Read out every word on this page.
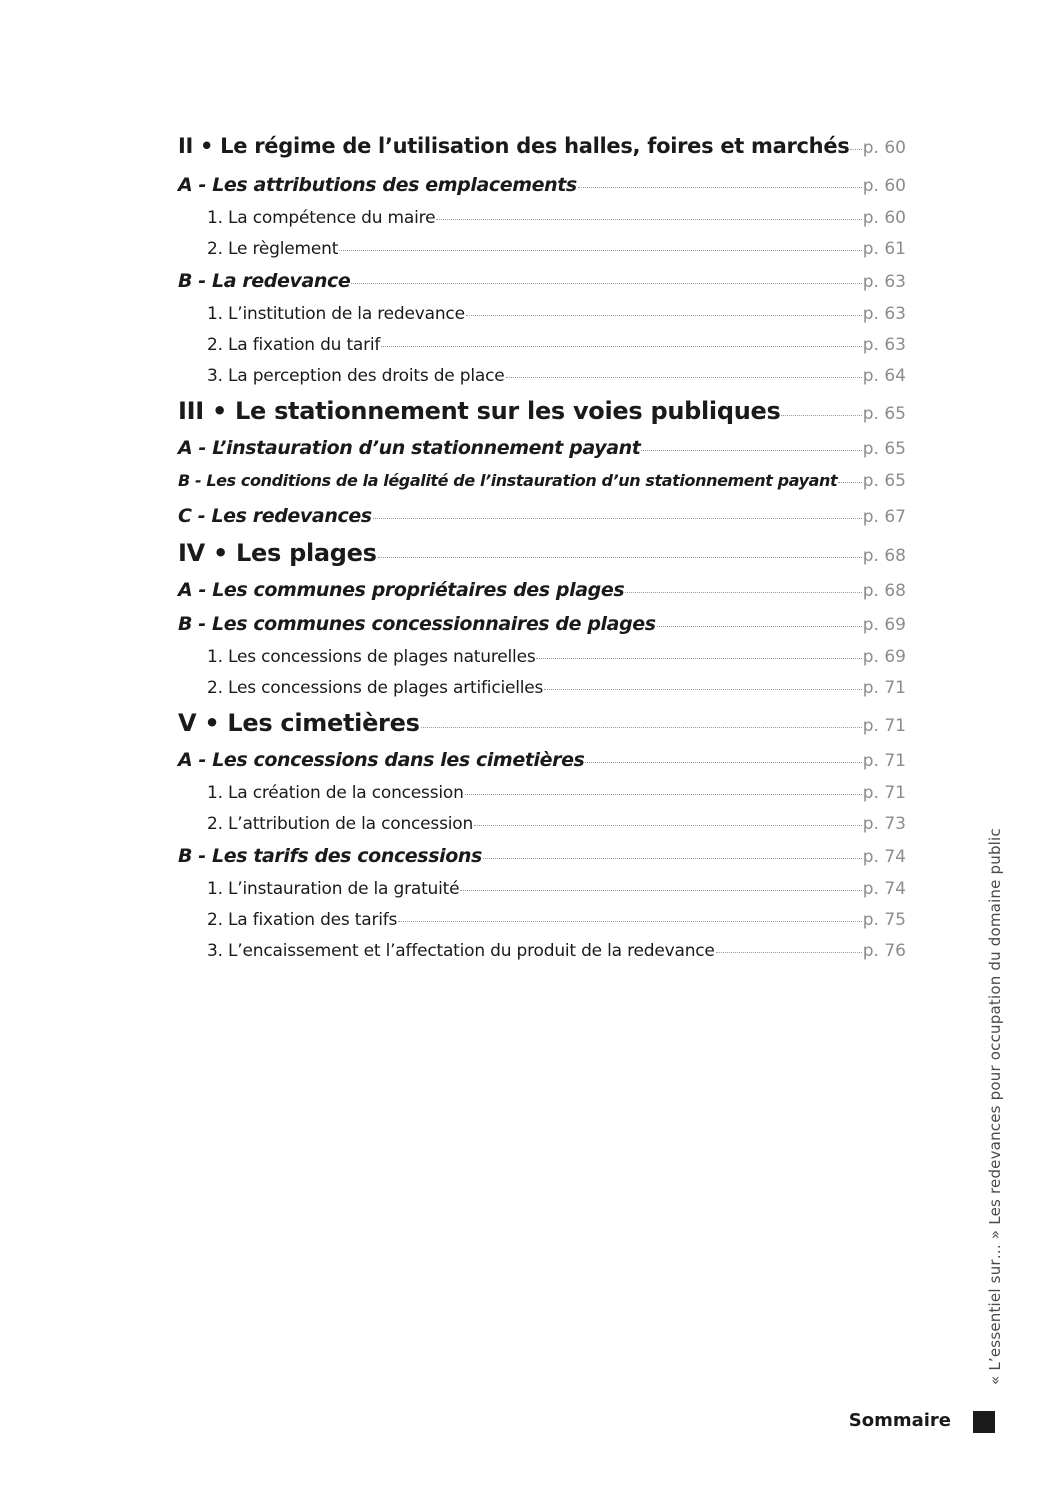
II • Le régime de l’utilisation des halles, foires et marchés p. 60
A - Les attributions des emplacements	p. 60
1. La compétence du maire	p. 60
2. Le règlement	p. 61
B - La redevance	p. 63
1. L’institution de la redevance	p. 63
2. La fixation du tarif	p. 63
3. La perception des droits de place	p. 64
III • Le stationnement sur les voies publiques	p. 65
A - L’instauration d’un stationnement payant	p. 65
B - Les conditions de la légalité de l’instauration d’un stationnement payant p. 65
C - Les redevances	p. 67
IV • Les plages	p. 68
A - Les communes propriétaires des plages	p. 68
B - Les communes concessionnaires de plages	p. 69
1. Les concessions de plages naturelles	p. 69
2. Les concessions de plages artificielles	p. 71
V • Les cimetières	p. 71
A - Les concessions dans les cimetières	p. 71
1. La création de la concession	p. 71
2. L’attribution de la concession	p. 73
B - Les tarifs des concessions	p. 74
1. L’instauration de la gratuité	p. 74
2. La fixation des tarifs	p. 75
3. L’encaissement et l’affectation du produit de la redevance	p. 76	« L’essentiel sur… » Les redevances pour occupation du domaine public
Sommaire
